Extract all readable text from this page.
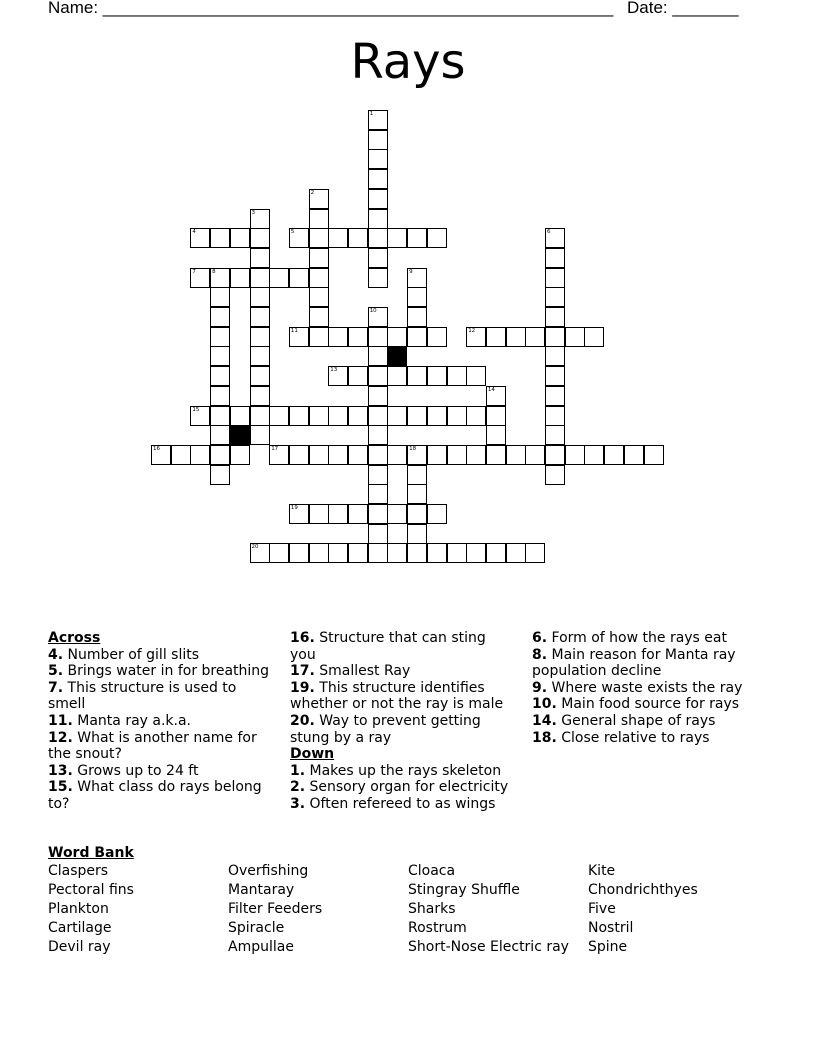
Name: ______________________________________________________ Date: _______
Rays
4	5
7	8
11	12
13
15
16	17	18
19
20
1
2
3
6
9
10
14
Across
4. Number of gill slits
5. Brings water in for breathing
7. This structure is used to smell
11. Manta ray a.k.a.
12. What is another name for the snout?
13. Grows up to 24 ft
15. What class do rays belong to?
16. Structure that can sting you
17. Smallest Ray
19. This structure identifies whether or not the ray is male
20. Way to prevent getting stung by a ray
Down
1. Makes up the rays skeleton
2. Sensory organ for electricity
3. Often refereed to as wings
6. Form of how the rays eat
8. Main reason for Manta ray population decline
9. Where waste exists the ray
10. Main food source for rays
14. General shape of rays
18. Close relative to rays
Word Bank
Claspers
Pectoral fins
Plankton
Cartilage
Devil ray
Overfishing
Mantaray
Filter Feeders
Spiracle
Ampullae
Cloaca
Stingray Shuffle
Sharks
Rostrum
Short-Nose Electric ray
Kite
Chondrichthyes
Five
Nostril
Spine
